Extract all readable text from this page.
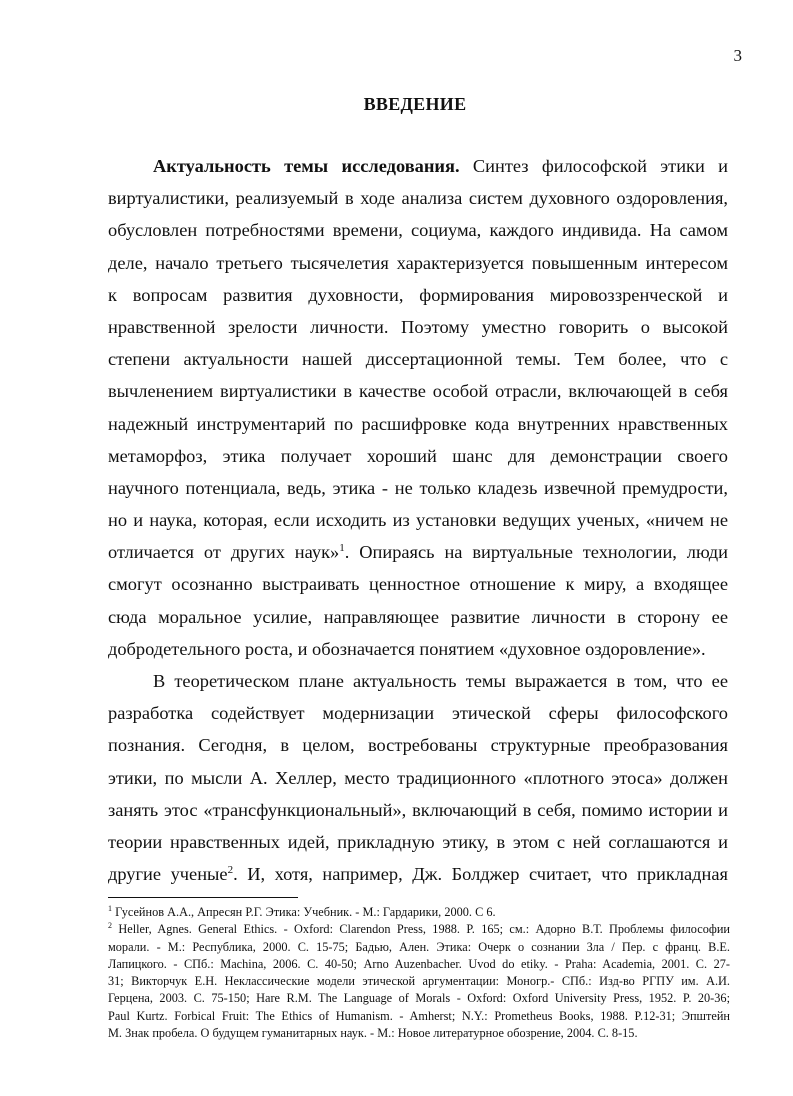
3
ВВЕДЕНИЕ
Актуальность темы исследования. Синтез философской этики и
виртуалистики, реализуемый в ходе анализа систем духовного оздоровления,
обусловлен потребностями времени, социума, каждого индивида. На самом
деле, начало третьего тысячелетия характеризуется повышенным интересом
к вопросам развития духовности, формирования мировоззренческой и
нравственной зрелости личности. Поэтому уместно говорить о высокой
степени актуальности нашей диссертационной темы. Тем более, что с
вычленением виртуалистики в качестве особой отрасли, включающей в себя
надежный инструментарий по расшифровке кода внутренних нравственных
метаморфоз, этика получает хороший шанс для демонстрации своего
научного потенциала, ведь, этика - не только кладезь извечной премудрости,
но и наука, которая, если исходить из установки ведущих ученых, «ничем не
отличается от других наук»$^1$. Опираясь на виртуальные технологии, люди
смогут осознанно выстраивать ценностное отношение к миру, а входящее
сюда моральное усилие, направляющее развитие личности в сторону ее
добродетельного роста, и обозначается понятием «духовное оздоровление».
В теоретическом плане актуальность темы выражается в том, что ее
разработка содействует модернизации этической сферы философского
познания. Сегодня, в целом, востребованы структурные преобразования
этики, по мысли А. Хеллер, место традиционного «плотного этоса» должен
занять этос «трансфункциональный», включающий в себя, помимо истории и
теории нравственных идей, прикладную этику, в этом с ней соглашаются и
другие ученые$^2$. И, хотя, например, Дж. Болджер считает, что прикладная
$^1$ Гусейнов А.А., Апресян Р.Г. Этика: Учебник. - М.: Гардарики, 2000. С 6.
$^2$ Heller, Agnes. General Ethics. - Oxford: Clarendon Press, 1988. P. 165; см.: Адорно В.Т. Проблемы философии
морали. - М.: Республика, 2000. С. 15-75; Бадью, Ален. Этика: Очерк о сознании Зла / Пер. с франц. В.Е.
Лапицкого. - СПб.: Machina, 2006. С. 40-50; Arno Auzenbacher. Uvod do etiky. - Praha: Academia, 2001. С. 27-
31; Викторчук Е.Н. Неклассические модели этической аргументации: Моногр.- СПб.: Изд-во РГПУ им. А.И.
Герцена, 2003. С. 75-150; Hare R.M. The Language of Morals - Oxford: Oxford University Press, 1952. P. 20-36;
Paul Kurtz. Forbical Fruit: The Ethics of Humanism. - Amherst; N.Y.: Prometheus Books, 1988. P.12-31; Эпштейн
М. Знак пробела. О будущем гуманитарных наук. - М.: Новое литературное обозрение, 2004. С. 8-15.
